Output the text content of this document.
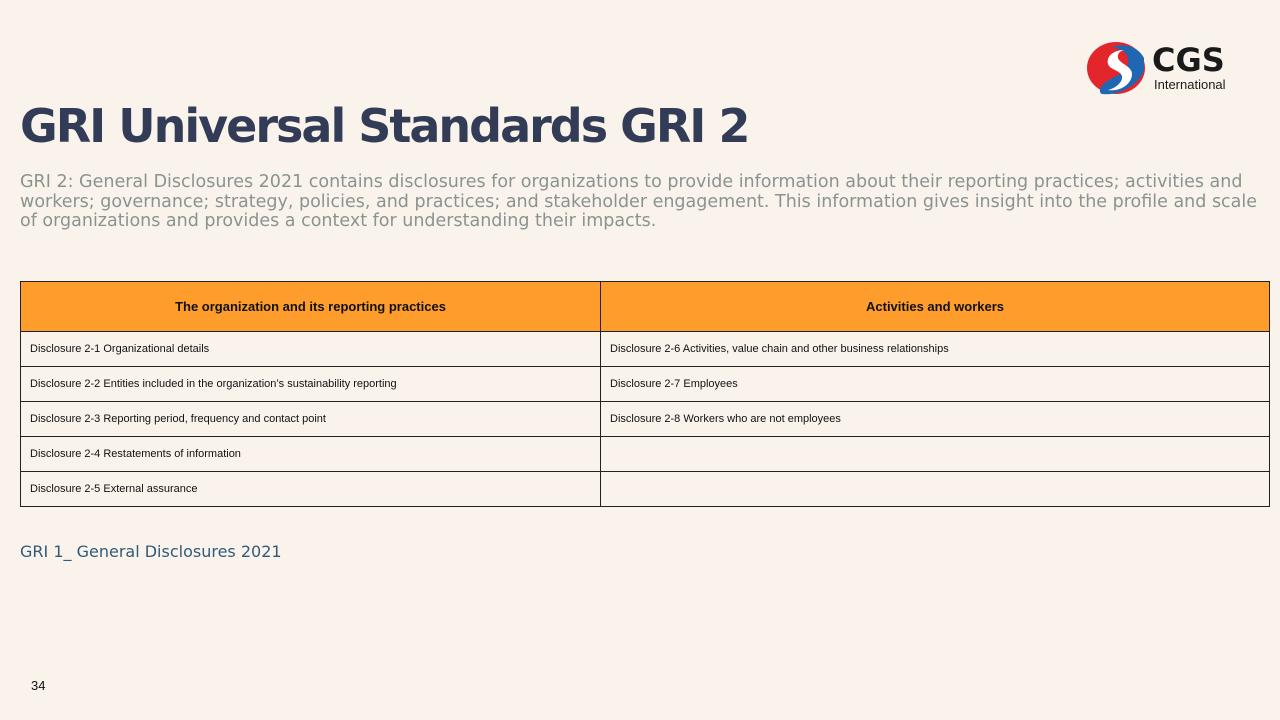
CGS
International
GRI Universal Standards GRI 2

GRI 2: General Disclosures 2021 contains disclosures for organizations to provide information about their reporting practices; activities and workers; governance; strategy, policies, and practices; and stakeholder engagement. This information gives insight into the profile and scale of organizations and provides a context for understanding their impacts.

The organization and its reporting practices	Activities and workers
Disclosure 2-1 Organizational details	Disclosure 2-6 Activities, value chain and other business relationships
Disclosure 2-2 Entities included in the organization’s sustainability reporting	Disclosure 2-7 Employees
Disclosure 2-3 Reporting period, frequency and contact point	Disclosure 2-8 Workers who are not employees
Disclosure 2-4 Restatements of information	
Disclosure 2-5 External assurance	

GRI 1_ General Disclosures 2021

34
